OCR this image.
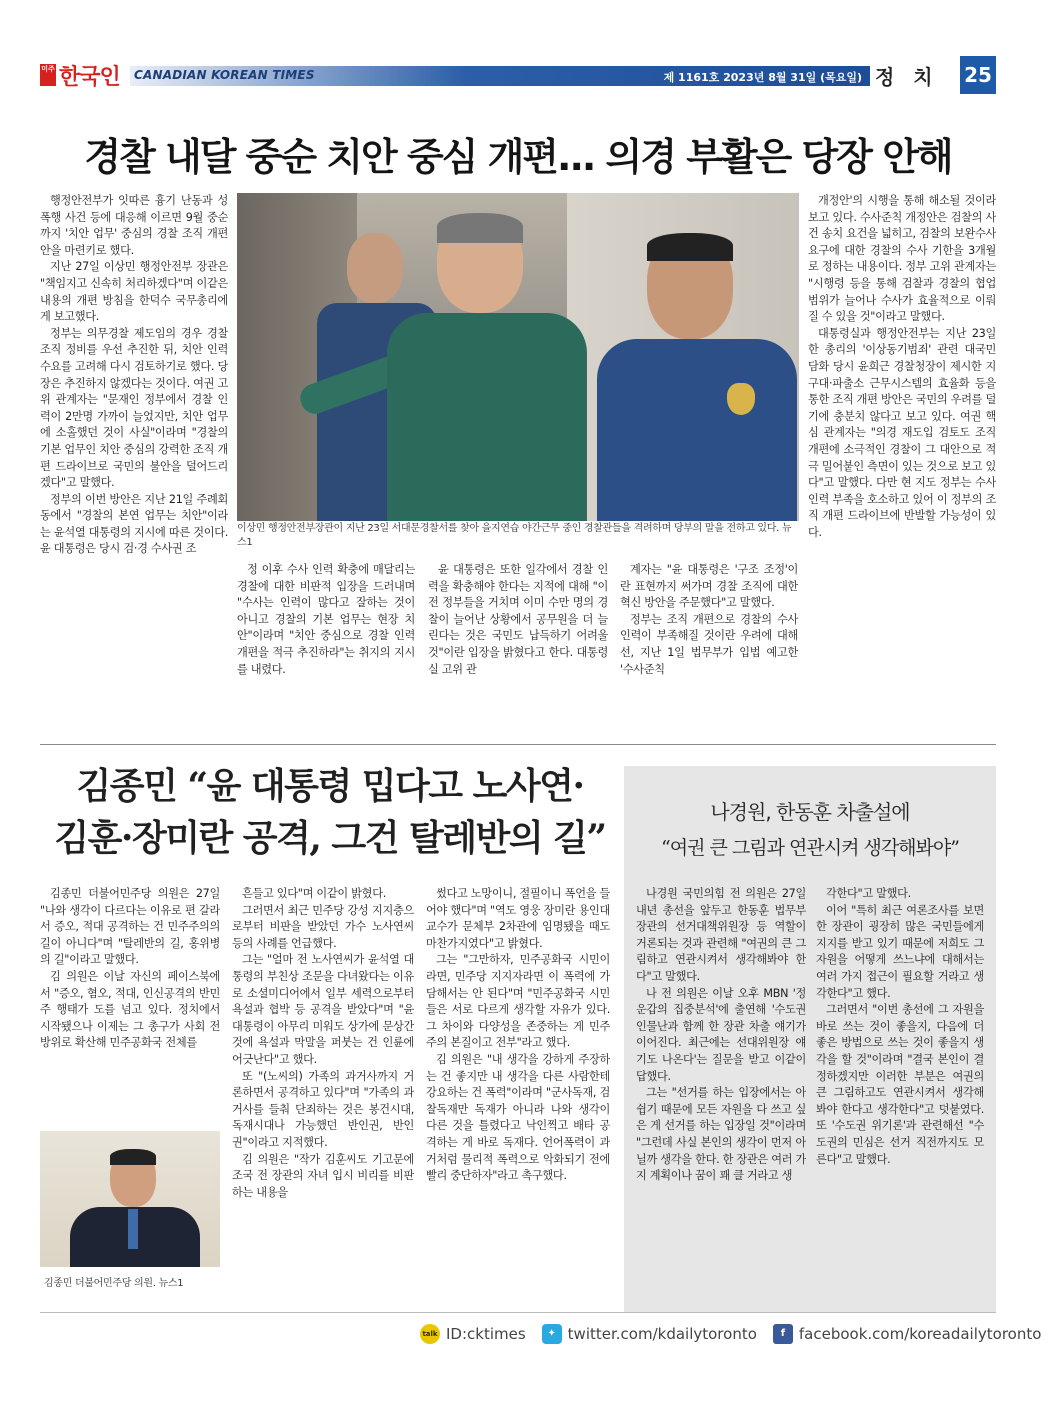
미주 한국인 CANADIAN KOREAN TIMES	제 1161호 2023년 8월 31일 (목요일) 정 치 25
경찰 내달 중순 치안 중심 개편... 의경 부활은 당장 안해

행정안전부가 잇따른 흉기 난동과 성폭행 사건 등에 대응해 이르면 9월 중순까지 '치안 업무' 중심의 경찰 조직 개편안을 마련키로 했다.

지난 27일 이상민 행정안전부 장관은 "책임지고 신속히 처리하겠다"며 이같은 내용의 개편 방침을 한덕수 국무총리에게 보고했다.

정부는 의무경찰 제도임의 경우 경찰 조직 정비를 우선 추진한 뒤, 치안 인력 수요를 고려해 다시 검토하기로 했다. 당장은 추진하지 않겠다는 것이다. 여권 고위 관계자는 "문재인 정부에서 경찰 인력이 2만명 가까이 늘었지만, 치안 업무에 소홀했던 것이 사실"이라며 "경찰의 기본 업무인 치안 중심의 강력한 조직 개편 드라이브로 국민의 불안을 덜어드리겠다"고 말했다.

정부의 이번 방안은 지난 21일 주례회동에서 "경찰의 본연 업무는 치안"이라는 윤석열 대통령의 지시에 따른 것이다. 윤 대통령은 당시 검·경 수사권 조

이상민 행정안전부장관이 지난 23일 서대문경찰서를 찾아 을지연습 야간근무 중인 경찰관들을 격려하며 당부의 말을 전하고 있다. 뉴스1

정 이후 수사 인력 확충에 매달리는 경찰에 대한 비판적 입장을 드러내며 "수사는 인력이 많다고 잘하는 것이 아니고 경찰의 기본 업무는 현장 치안"이라며 "치안 중심으로 경찰 인력 개편을 적극 추진하라"는 취지의 지시를 내렸다.

윤 대통령은 또한 일각에서 경찰 인력을 확충해야 한다는 지적에 대해 "이전 정부들을 거치며 이미 수만 명의 경찰이 늘어난 상황에서 공무원을 더 늘린다는 것은 국민도 납득하기 어려울 것"이란 입장을 밝혔다고 한다. 대통령실 고위 관

계자는 "윤 대통령은 '구조 조정'이란 표현까지 써가며 경찰 조직에 대한 혁신 방안을 주문했다"고 말했다.

정부는 조직 개편으로 경찰의 수사 인력이 부족해질 것이란 우려에 대해선, 지난 1일 법무부가 입법 예고한 '수사준칙

개정안'의 시행을 통해 해소될 것이라 보고 있다. 수사준칙 개정안은 검찰의 사건 송치 요건을 넓히고, 검찰의 보완수사 요구에 대한 경찰의 수사 기한을 3개월로 정하는 내용이다. 정부 고위 관계자는 "시행령 등을 통해 검찰과 경찰의 협업 범위가 늘어나 수사가 효율적으로 이뤄질 수 있을 것"이라고 말했다.

대통령실과 행정안전부는 지난 23일 한 총리의 '이상동기범죄' 관련 대국민 담화 당시 윤희근 경찰청장이 제시한 지구대·파출소 근무시스템의 효율화 등을 통한 조직 개편 방안은 국민의 우려를 덜기에 충분치 않다고 보고 있다. 여권 핵심 관계자는 "의경 재도입 검토도 조직 개편에 소극적인 경찰이 그 대안으로 적극 밀어붙인 측면이 있는 것으로 보고 있다"고 말했다. 다만 현 지도 정부는 수사 인력 부족을 호소하고 있어 이 정부의 조직 개편 드라이브에 반발할 가능성이 있다.

김종민 “윤 대통령 밉다고 노사연·
김훈·장미란 공격, 그건 탈레반의 길”

김종민 더불어민주당 의원은 27일 "나와 생각이 다르다는 이유로 편 갈라서 증오, 적대 공격하는 건 민주주의의 길이 아니다"며 "탈레반의 길, 홍위병의 길"이라고 말했다.

김 의원은 이날 자신의 페이스북에서 "증오, 혐오, 적대, 인신공격의 반민주 행태가 도를 넘고 있다. 정치에서 시작됐으나 이제는 그 총구가 사회 전방위로 확산해 민주공화국 전체를

김종민 더불어민주당 의원. 뉴스1

흔들고 있다"며 이같이 밝혔다.

그러면서 최근 민주당 강성 지지층으로부터 비판을 받았던 가수 노사연씨 등의 사례를 언급했다.

그는 "얼마 전 노사연씨가 윤석열 대통령의 부친상 조문을 다녀왔다는 이유로 소셜미디어에서 일부 세력으로부터 욕설과 협박 등 공격을 받았다"며 "윤 대통령이 아무리 미워도 상가에 문상간 것에 욕설과 막말을 퍼붓는 건 인륜에 어긋난다"고 했다.

또 "(노씨의) 가족의 과거사까지 거론하면서 공격하고 있다"며 "가족의 과거사를 들춰 단죄하는 것은 봉건시대, 독재시대나 가능했던 반인권, 반인권"이라고 지적했다.

김 의원은 "작가 김훈씨도 기고문에 조국 전 장관의 자녀 입시 비리를 비판하는 내용을

썼다고 노망이니, 절필이니 폭언을 들어야 했다"며 "역도 영웅 장미란 용인대 교수가 문체부 2차관에 임명됐을 때도 마찬가지였다"고 밝혔다.

그는 "그만하자, 민주공화국 시민이라면, 민주당 지지자라면 이 폭력에 가담해서는 안 된다"며 "민주공화국 시민들은 서로 다르게 생각할 자유가 있다. 그 차이와 다양성을 존중하는 게 민주주의 본질이고 전부"라고 했다.

김 의원은 "내 생각을 강하게 주장하는 건 좋지만 내 생각을 다른 사람한테 강요하는 건 폭력"이라며 "군사독재, 검찰독재만 독재가 아니라 나와 생각이 다른 것을 틀렸다고 낙인찍고 배타 공격하는 게 바로 독재다. 언어폭력이 과거처럼 물리적 폭력으로 악화되기 전에 빨리 중단하자"라고 촉구했다.

나경원, 한동훈 차출설에
“여권 큰 그림과 연관시켜 생각해봐야”

나경원 국민의힘 전 의원은 27일 내년 총선을 앞두고 한동훈 법무부 장관의 선거대책위원장 등 역할이 거론되는 것과 관련해 "여권의 큰 그림하고 연관시켜서 생각해봐야 한다"고 말했다.

나 전 의원은 이날 오후 MBN '정운갑의 집중분석'에 출연해 '수도권 인물난과 함께 한 장관 차출 얘기가 이어진다. 최근에는 선대위원장 얘기도 나온다'는 질문을 받고 이같이 답했다.

그는 "선거를 하는 입장에서는 아쉽기 때문에 모든 자원을 다 쓰고 싶은 게 선거를 하는 입장일 것"이라며 "그런데 사실 본인의 생각이 먼저 아닐까 생각을 한다. 한 장관은 여러 가지 계획이나 꿈이 꽤 클 거라고 생

각한다"고 말했다.

이어 "특히 최근 여론조사를 보면 한 장관이 굉장히 많은 국민들에게 지지를 받고 있기 때문에 저희도 그 자원을 어떻게 쓰느냐에 대해서는 여러 가지 접근이 필요할 거라고 생각한다"고 했다.

그러면서 "이번 총선에 그 자원을 바로 쓰는 것이 좋을지, 다음에 더 좋은 방법으로 쓰는 것이 좋을지 생각을 할 것"이라며 "결국 본인이 결정하겠지만 이러한 부분은 여권의 큰 그림하고도 연관시켜서 생각해 봐야 한다고 생각한다"고 덧붙였다. 또 '수도권 위기론'과 관련해선 "수도권의 민심은 선거 직전까지도 모른다"고 말했다.

talk ID:cktimes	✦ twitter.com/kdailytoronto	f facebook.com/koreadailytoronto
